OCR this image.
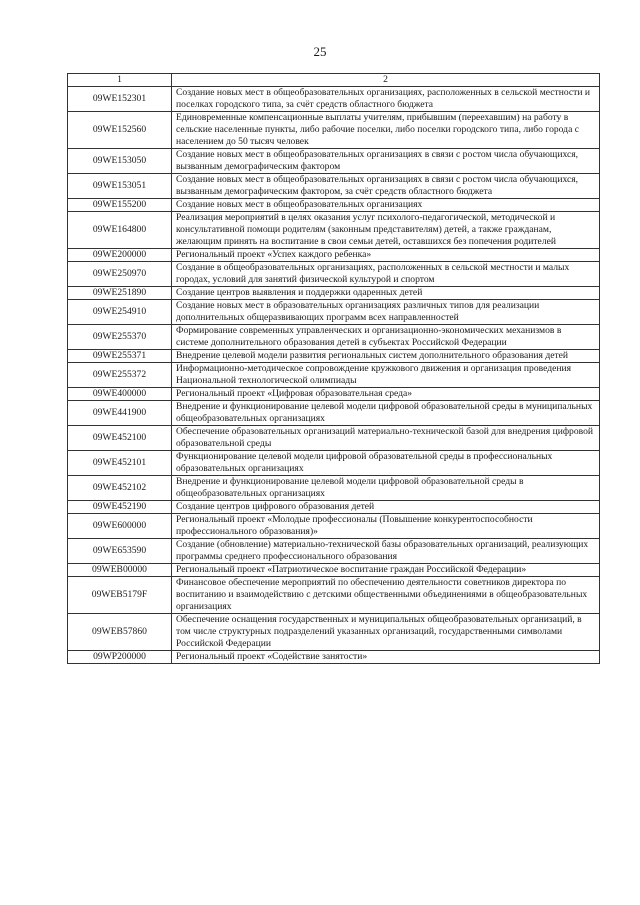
25
1	2
09WE152301	Создание новых мест в общеобразовательных организациях, расположенных в сельской местности и поселках городского типа, за счёт средств областного бюджета
09WE152560	Единовременные компенсационные выплаты учителям, прибывшим (переехавшим) на работу в сельские населенные пункты, либо рабочие поселки, либо поселки городского типа, либо города с населением до 50 тысяч человек
09WE153050	Создание новых мест в общеобразовательных организациях в связи с ростом числа обучающихся, вызванным демографическим фактором
09WE153051	Создание новых мест в общеобразовательных организациях в связи с ростом числа обучающихся, вызванным демографическим фактором, за счёт средств областного бюджета
09WE155200	Создание новых мест в общеобразовательных организациях
09WE164800	Реализация мероприятий в целях оказания услуг психолого-педагогической, методической и консультативной помощи родителям (законным представителям) детей, а также гражданам, желающим принять на воспитание в свои семьи детей, оставшихся без попечения родителей
09WE200000	Региональный проект «Успех каждого ребенка»
09WE250970	Создание в общеобразовательных организациях, расположенных в сельской местности и малых городах, условий для занятий физической культурой и спортом
09WE251890	Создание центров выявления и поддержки одаренных детей
09WE254910	Создание новых мест в образовательных организациях различных типов для реализации дополнительных общеразвивающих программ всех направленностей
09WE255370	Формирование современных управленческих и организационно-экономических механизмов в системе дополнительного образования детей в субъектах Российской Федерации
09WE255371	Внедрение целевой модели развития региональных систем дополнительного образования детей
09WE255372	Информационно-методическое сопровождение кружкового движения и организация проведения Национальной технологической олимпиады
09WE400000	Региональный проект «Цифровая образовательная среда»
09WE441900	Внедрение и функционирование целевой модели цифровой образовательной среды в муниципальных общеобразовательных организациях
09WE452100	Обеспечение образовательных организаций материально-технической базой для внедрения цифровой образовательной среды
09WE452101	Функционирование целевой модели цифровой образовательной среды в профессиональных образовательных организациях
09WE452102	Внедрение и функционирование целевой модели цифровой образовательной среды в общеобразовательных организациях
09WE452190	Создание центров цифрового образования детей
09WE600000	Региональный проект «Молодые профессионалы (Повышение конкурентоспособности профессионального образования)»
09WE653590	Создание (обновление) материально-технической базы образовательных организаций, реализующих программы среднего профессионального образования
09WEB00000	Региональный проект «Патриотическое воспитание граждан Российской Федерации»
09WEB5179F	Финансовое обеспечение мероприятий по обеспечению деятельности советников директора по воспитанию и взаимодействию с детскими общественными объединениями в общеобразовательных организациях
09WEB57860	Обеспечение оснащения государственных и муниципальных общеобразовательных организаций, в том числе структурных подразделений указанных организаций, государственными символами Российской Федерации
09WP200000	Региональный проект «Содействие занятости»
